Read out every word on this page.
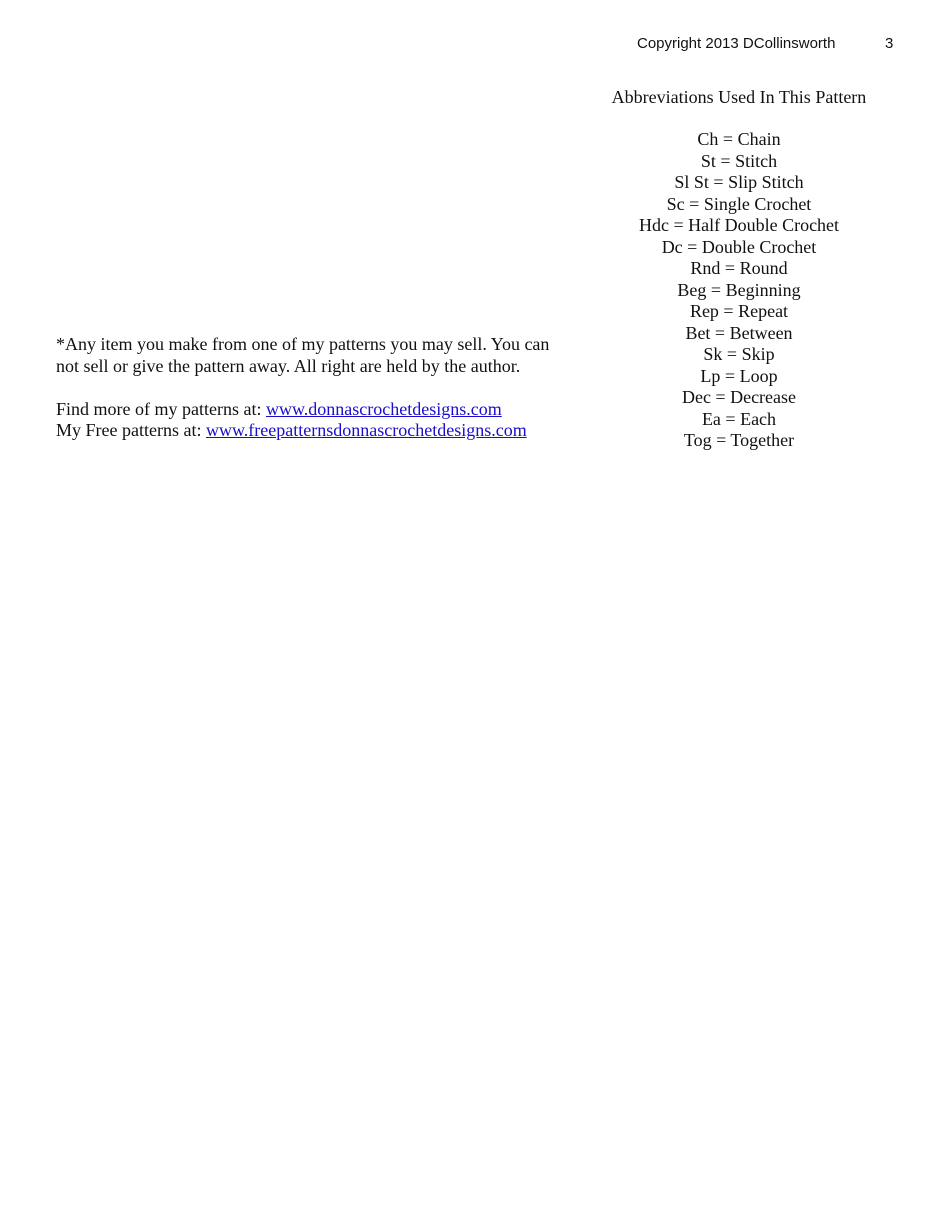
Copyright 2013 DCollinsworth	3
Abbreviations Used In This Pattern
Ch = Chain
St = Stitch
Sl St = Slip Stitch
Sc = Single Crochet
Hdc = Half Double Crochet
Dc = Double Crochet
Rnd = Round
Beg = Beginning
Rep = Repeat
Bet = Between
Sk = Skip
Lp = Loop
Dec = Decrease
Ea = Each
Tog = Together

*Any item you make from one of my patterns you may sell. You can
not sell or give the pattern away. All right are held by the author.

Find more of my patterns at: www.donnascrochetdesigns.com

My Free patterns at: www.freepatternsdonnascrochetdesigns.com
